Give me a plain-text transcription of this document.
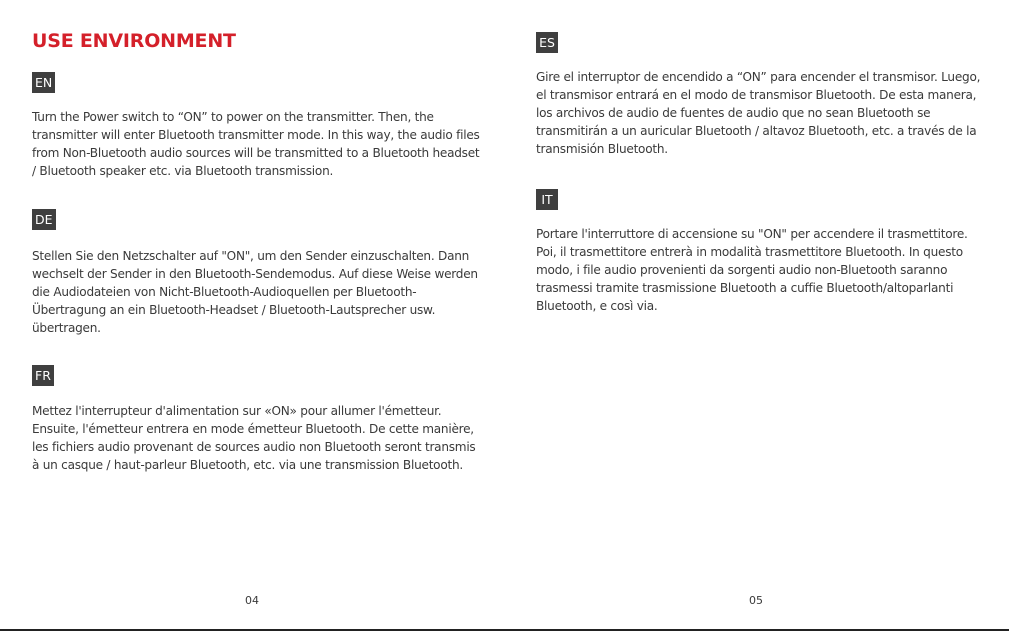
USE ENVIRONMENT
EN

Turn the Power switch to “ON” to power on the transmitter. Then, the transmitter will enter Bluetooth transmitter mode. In this way, the audio files from Non-Bluetooth audio sources will be transmitted to a Bluetooth headset / Bluetooth speaker etc. via Bluetooth transmission.

DE

Stellen Sie den Netzschalter auf "ON", um den Sender einzuschalten. Dann wechselt der Sender in den Bluetooth-Sendemodus. Auf diese Weise werden die Audiodateien von Nicht-Bluetooth-Audioquellen per Bluetooth-Übertragung an ein Bluetooth-Headset / Bluetooth-Lautsprecher usw. übertragen.

FR

Mettez l'interrupteur d'alimentation sur «ON» pour allumer l'émetteur. Ensuite, l'émetteur entrera en mode émetteur Bluetooth. De cette manière, les fichiers audio provenant de sources audio non Bluetooth seront transmis à un casque / haut-parleur Bluetooth, etc. via une transmission Bluetooth.

04
ES

Gire el interruptor de encendido a “ON” para encender el transmisor. Luego, el transmisor entrará en el modo de transmisor Bluetooth. De esta manera, los archivos de audio de fuentes de audio que no sean Bluetooth se transmitirán a un auricular Bluetooth / altavoz Bluetooth, etc. a través de la transmisión Bluetooth.

IT

Portare l'interruttore di accensione su "ON" per accendere il trasmettitore. Poi, il trasmettitore entrerà in modalità trasmettitore Bluetooth. In questo modo, i file audio provenienti da sorgenti audio non-Bluetooth saranno trasmessi tramite trasmissione Bluetooth a cuffie Bluetooth/altoparlanti Bluetooth, e così via.

05
